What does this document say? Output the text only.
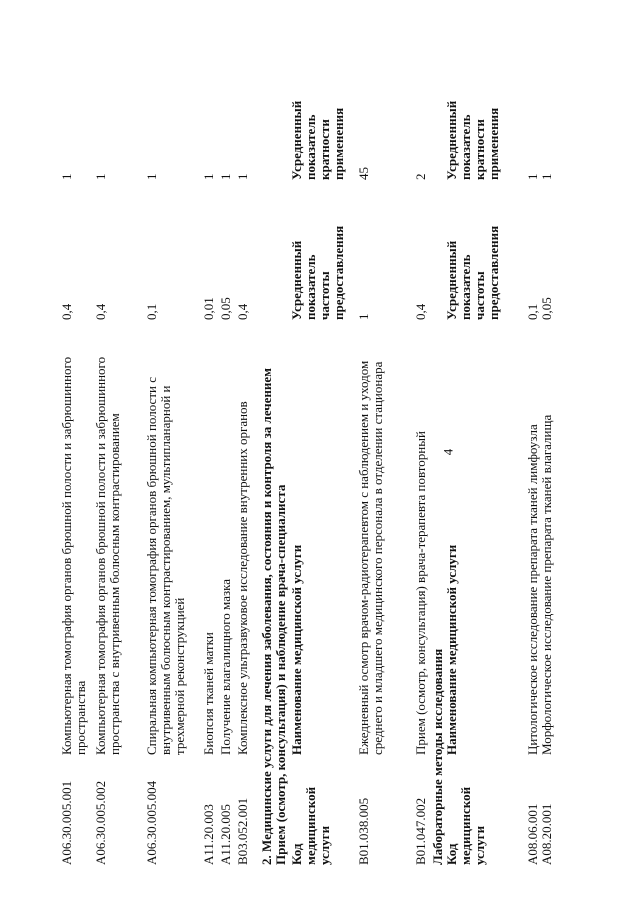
4
A06.30.005.001
Компьютерная томография органов брюшной полости и забрюшинного пространства
0,4
1
A06.30.005.002
Компьютерная томография органов брюшной полости и забрюшинного пространства с внутривенным болюсным контрастированием
0,4
1
A06.30.005.004
Спиральная компьютерная томография органов брюшной полости с внутривенным болюсным контрастированием, мультипланарной и трехмерной реконструкцией
0,1
1
A11.20.003
Биопсия тканей матки
0,01
1
A11.20.005
Получение влагалищного мазка
0,05
1
B03.052.001
Комплексное ультразвуковое исследование внутренних органов
0,4
1
2. Медицинские услуги для лечения заболевания, состояния и контроля за лечением Прием (осмотр, консультация) и наблюдение врача-специалиста Код медицинской услуги
Наименование медицинской услуги
Усредненный показатель частоты предоставления
Усредненный показатель кратности применения
B01.038.005
Ежедневный осмотр врачом-радиотерапевтом с наблюдением и уходом среднего и младшего медицинского персонала в отделении стационара
1
45
B01.047.002
Прием (осмотр, консультация) врача-терапевта повторный
0,4
2
Лабораторные методы исследования Код медицинской услуги
Наименование медицинской услуги
Усредненный показатель частоты предоставления
Усредненный показатель кратности применения
A08.06.001
Цитологическое исследование препарата тканей лимфоузла
0,1
1
A08.20.001
Морфологическое исследование препарата тканей влагалища
0,05
1
